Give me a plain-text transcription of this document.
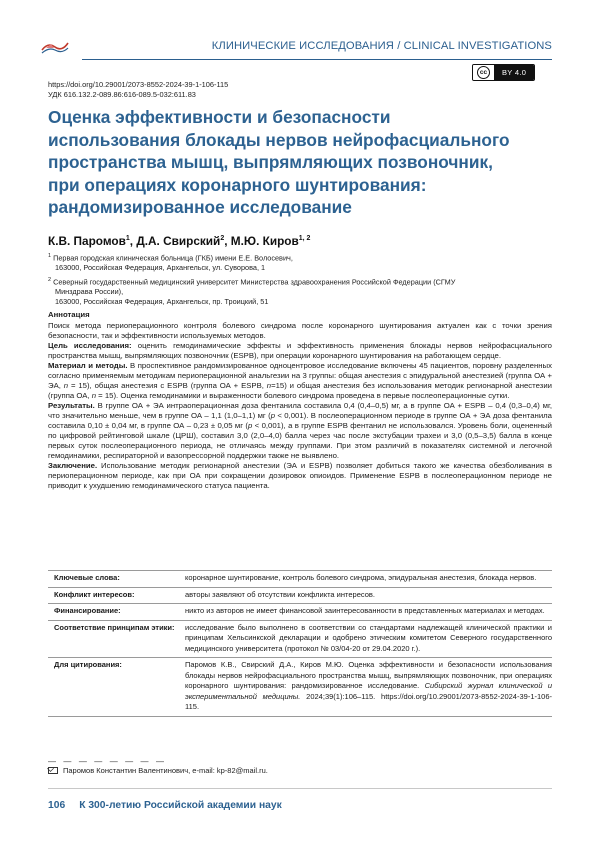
КЛИНИЧЕСКИЕ ИССЛЕДОВАНИЯ / CLINICAL INVESTIGATIONS
cc	BY 4.0
https://doi.org/10.29001/2073-8552-2024-39-1-106-115
УДК 616.132.2-089.86:616-089.5-032:611.83
Оценка эффективности и безопасности
использования блокады нервов нейрофасциального
пространства мышц, выпрямляющих позвоночник,
при операциях коронарного шунтирования:
рандомизированное исследование
К.В. Паромов$^1$, Д.А. Свирский$^2$, М.Ю. Киров$^{1, 2}$
$^1$ Первая городская клиническая больница (ГКБ) имени Е.Е. Волосевич,
163000, Российская Федерация, Архангельск, ул. Суворова, 1
$^2$ Северный государственный медицинский университет Министерства здравоохранения Российской Федерации (СГМУ
Минздрава России),
163000, Российская Федерация, Архангельск, пр. Троицкий, 51

Аннотация

Поиск метода периоперационного контроля болевого синдрома после коронарного шунтирования актуален как с точки зрения безопасности, так и эффективности используемых методов.

Цель исследования: оценить гемодинамические эффекты и эффективность применения блокады нервов нейрофасциального пространства мышц, выпрямляющих позвоночник (ESPB), при операции коронарного шунтирования на работающем сердце.

Материал и методы. В проспективное рандомизированное одноцентровое исследование включены 45 пациентов, поровну разделенных согласно применяемым методикам периоперационной анальгезии на 3 группы: общая анестезия с эпидуральной анестезией (группа ОА + ЭА, n = 15), общая анестезия с ESPB (группа ОА + ESPB, n=15) и общая анестезия без использования методик регионарной анестезии (группа ОА, n = 15). Оценка гемодинамики и выраженности болевого синдрома проведена в первые послеоперационные сутки.

Результаты. В группе ОА + ЭА интраоперационная доза фентанила составила 0,4 (0,4–0,5) мг, а в группе ОА + ESPB – 0,4 (0,3–0,4) мг, что значительно меньше, чем в группе ОА – 1,1 (1,0–1,1) мг (p < 0,001). В послеоперационном периоде в группе ОА + ЭА доза фентанила составила 0,10 ± 0,04 мг, в группе ОА – 0,23 ± 0,05 мг (p < 0,001), а в группе ESPB фентанил не использовался. Уровень боли, оцененный по цифровой рейтинговой шкале (ЦРШ), составил 3,0 (2,0–4,0) балла через час после экстубации трахеи и 3,0 (0,5–3,5) балла в конце первых суток послеоперационного периода, не отличаясь между группами. При этом различий в показателях системной и легочной гемодинамики, респираторной и вазопрессорной поддержки также не выявлено.

Заключение. Использование методик регионарной анестезии (ЭА и ESPB) позволяет добиться такого же качества обезболивания в периоперационном периоде, как при ОА при сокращении дозировок опиоидов. Применение ESPB в послеоперационном периоде не приводит к ухудшению гемодинамического статуса пациента.

Ключевые слова:	коронарное шунтирование, контроль болевого синдрома, эпидуральная анестезия, блокада нервов.
Конфликт интересов:	авторы заявляют об отсутствии конфликта интересов.
Финансирование:	никто из авторов не имеет финансовой заинтересованности в представленных материалах и методах.
Соответствие принципам этики:	исследование было выполнено в соответствии со стандартами надлежащей клинической практики и принципам Хельсинкской декларации и одобрено этическим комитетом Северного государственного медицинского университета (протокол № 03/04-20 от 29.04.2020 г.).
Для цитирования:	Паромов К.В., Свирский Д.А., Киров М.Ю. Оценка эффективности и безопасности использования блокады нервов нейрофасциального пространства мышц, выпрямляющих позвоночник, при операциях коронарного шунтирования: рандомизированное исследование. Сибирский журнал клинической и экспериментальной медицины. 2024;39(1):106–115. https://doi.org/10.29001/2073-8552-2024-39-1-106-115.
— — — — — — — —
Паромов Константин Валентинович, e-mail: kp-82@mail.ru.
106 К 300-летию Российской академии наук
